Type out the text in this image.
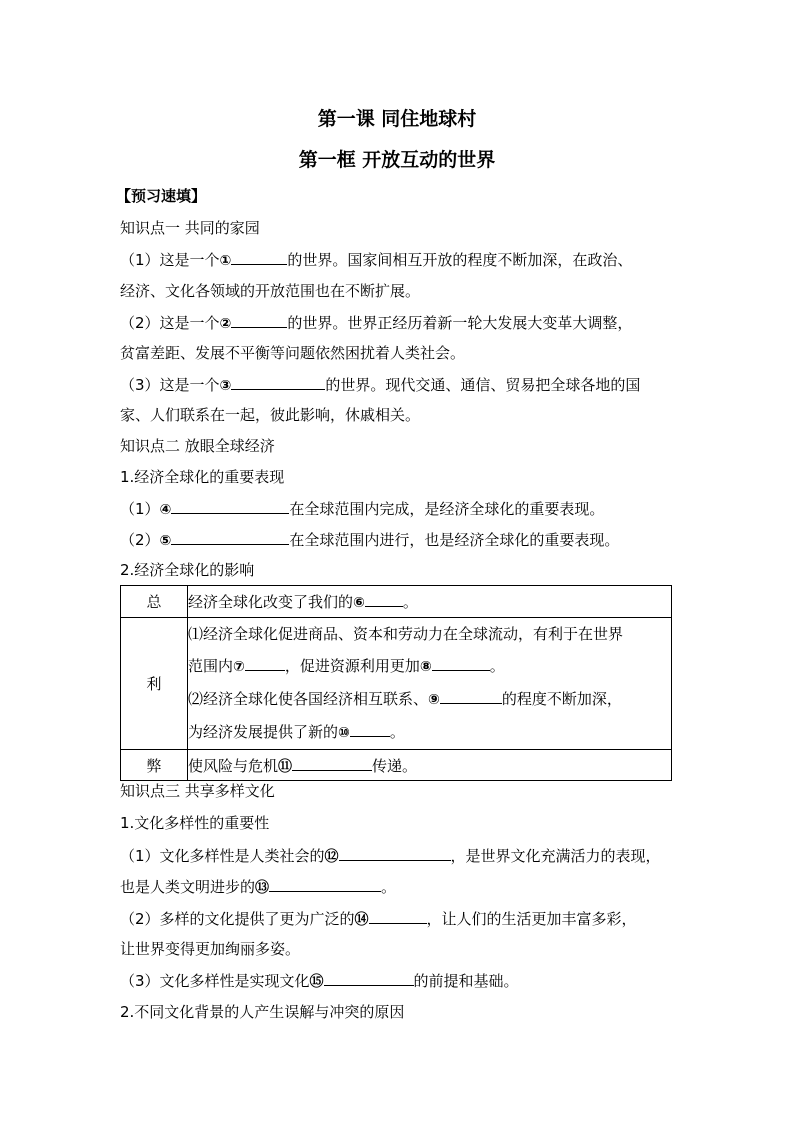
第一课 同住地球村
第一框 开放互动的世界
【预习速填】
知识点一 共同的家园
（1）这是一个①	的世界。国家间相互开放的程度不断加深，在政治、
经济、文化各领域的开放范围也在不断扩展。
（2）这是一个②	的世界。世界正经历着新一轮大发展大变革大调整，
贫富差距、发展不平衡等问题依然困扰着人类社会。
（3）这是一个③	的世界。现代交通、通信、贸易把全球各地的国
家、人们联系在一起，彼此影响，休戚相关。
知识点二 放眼全球经济
1.经济全球化的重要表现
（1）④	在全球范围内完成，是经济全球化的重要表现。
（2）⑤	在全球范围内进行，也是经济全球化的重要表现。
2.经济全球化的影响
总	经济全球化改变了我们的⑥ 。
利	⑴经济全球化促进商品、资本和劳动力在全球流动，有利于在世界
范围内⑦ ，促进资源利用更加⑧ 。
⑵经济全球化使各国经济相互联系、⑨ 的程度不断加深，
为经济发展提供了新的⑩ 。

弊	使风险与危机⑪ 传递。
知识点三 共享多样文化
1.文化多样性的重要性
（1）文化多样性是人类社会的⑫	，是世界文化充满活力的表现，
也是人类文明进步的⑬	。
（2）多样的文化提供了更为广泛的⑭	，让人们的生活更加丰富多彩，
让世界变得更加绚丽多姿。
（3）文化多样性是实现文化⑮	的前提和基础。
2.不同文化背景的人产生误解与冲突的原因
